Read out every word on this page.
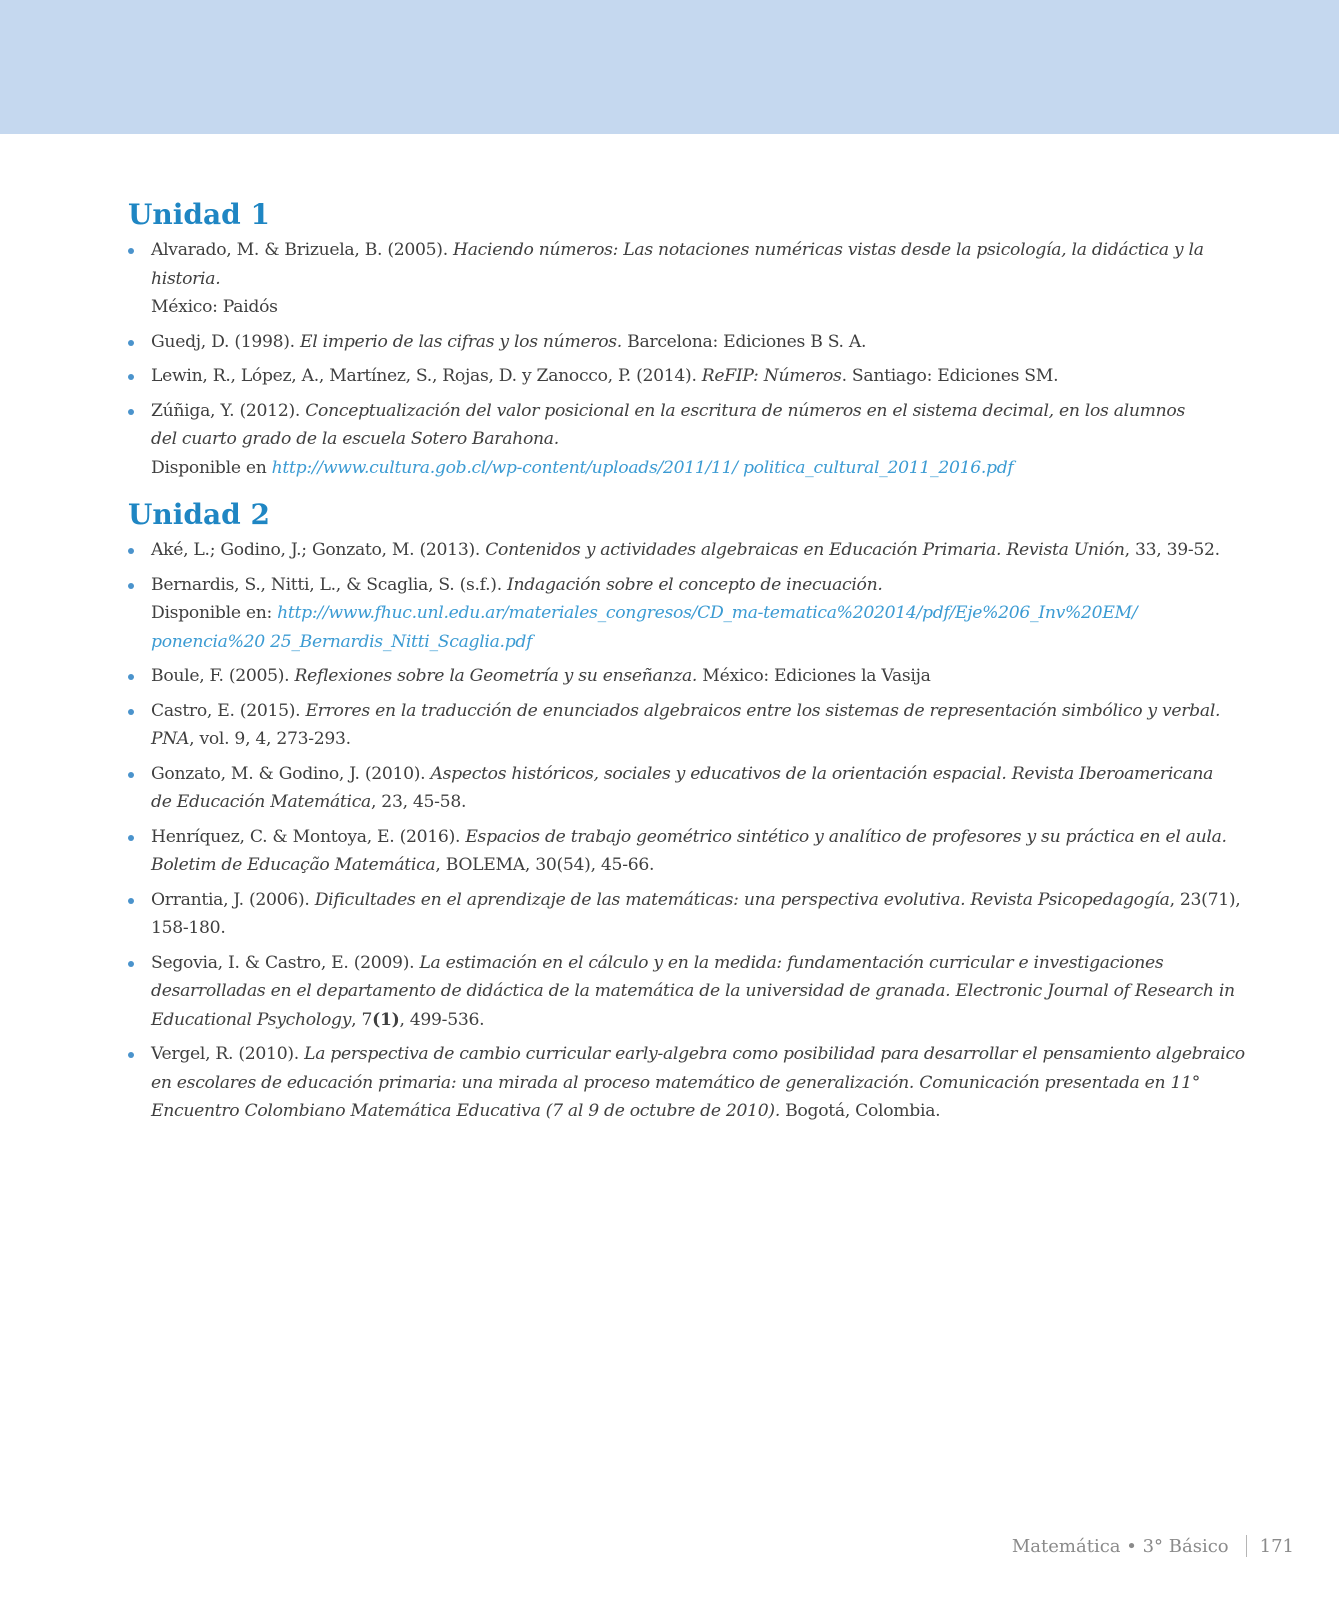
Unidad 1
Alvarado, M. & Brizuela, B. (2005). Haciendo números: Las notaciones numéricas vistas desde la psicología, la didáctica y la historia.
México: Paidós
Guedj, D. (1998). El imperio de las cifras y los números. Barcelona: Ediciones B S. A.
Lewin, R., López, A., Martínez, S., Rojas, D. y Zanocco, P. (2014). ReFIP: Números. Santiago: Ediciones SM.
Zúñiga, Y. (2012). Conceptualización del valor posicional en la escritura de números en el sistema decimal, en los alumnos
del cuarto grado de la escuela Sotero Barahona.
Disponible en http://www.cultura.gob.cl/wp-content/uploads/2011/11/ politica_cultural_2011_2016.pdf
Unidad 2
Aké, L.; Godino, J.; Gonzato, M. (2013). Contenidos y actividades algebraicas en Educación Primaria. Revista Unión, 33, 39-52.
Bernardis, S., Nitti, L., & Scaglia, S. (s.f.). Indagación sobre el concepto de inecuación.
Disponible en: http://www.fhuc.unl.edu.ar/materiales_congresos/CD_ma-tematica%202014/pdf/Eje%206_Inv%20EM/
ponencia%20 25_Bernardis_Nitti_Scaglia.pdf
Boule, F. (2005). Reflexiones sobre la Geometría y su enseñanza. México: Ediciones la Vasija
Castro, E. (2015). Errores en la traducción de enunciados algebraicos entre los sistemas de representación simbólico y verbal.
PNA, vol. 9, 4, 273-293.
Gonzato, M. & Godino, J. (2010). Aspectos históricos, sociales y educativos de la orientación espacial. Revista Iberoamericana
de Educación Matemática, 23, 45-58.
Henríquez, C. & Montoya, E. (2016). Espacios de trabajo geométrico sintético y analítico de profesores y su práctica en el aula.
Boletim de Educação Matemática, BOLEMA, 30(54), 45-66.
Orrantia, J. (2006). Dificultades en el aprendizaje de las matemáticas: una perspectiva evolutiva. Revista Psicopedagogía, 23(71), 158-180.
Segovia, I. & Castro, E. (2009). La estimación en el cálculo y en la medida: fundamentación curricular e investigaciones desarrolladas en el departamento de didáctica de la matemática de la universidad de granada. Electronic Journal of Research in Educational Psychology, 7(1), 499-536.
Vergel, R. (2010). La perspectiva de cambio curricular early-algebra como posibilidad para desarrollar el pensamiento algebraico en escolares de educación primaria: una mirada al proceso matemático de generalización. Comunicación presentada en 11° Encuentro Colombiano Matemática Educativa (7 al 9 de octubre de 2010). Bogotá, Colombia.
Matemática • 3° Básico 171
